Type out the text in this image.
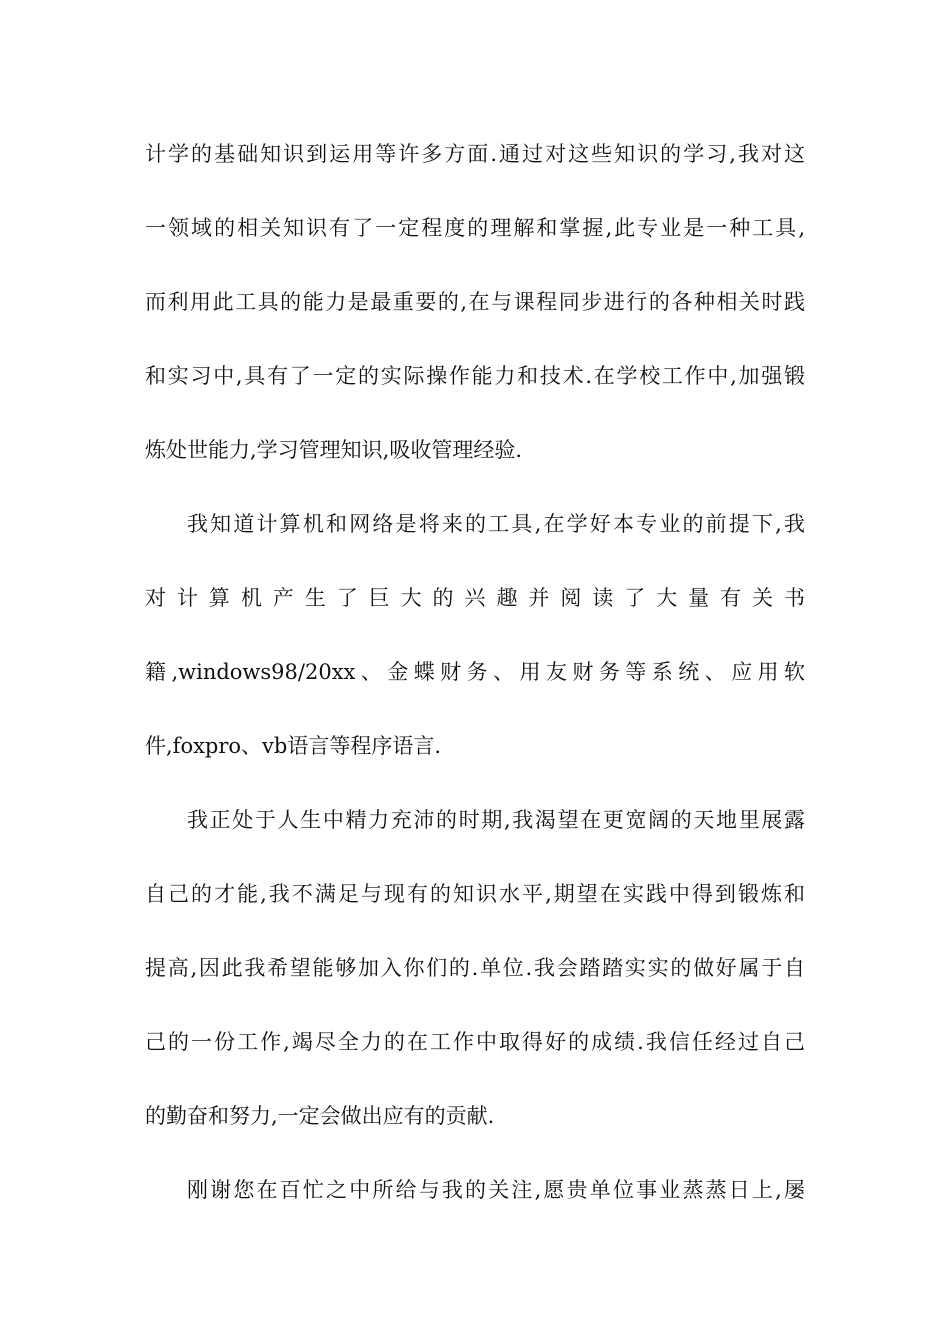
计学的基础知识到运用等许多方面.通过对这些知识的学习,我对这
一领域的相关知识有了一定程度的理解和掌握,此专业是一种工具,
而利用此工具的能力是最重要的,在与课程同步进行的各种相关时践
和实习中,具有了一定的实际操作能力和技术.在学校工作中,加强锻
炼处世能力,学习管理知识,吸收管理经验.
我知道计算机和网络是将来的工具,在学好本专业的前提下,我
对计算机产生了巨大的兴趣并阅读了大量有关书
籍,windows98/20xx、金蝶财务、用友财务等系统、应用软
件,foxpro、vb语言等程序语言.
我正处于人生中精力充沛的时期,我渴望在更宽阔的天地里展露
自己的才能,我不满足与现有的知识水平,期望在实践中得到锻炼和
提高,因此我希望能够加入你们的.单位.我会踏踏实实的做好属于自
己的一份工作,竭尽全力的在工作中取得好的成绩.我信任经过自己
的勤奋和努力,一定会做出应有的贡献.
刚谢您在百忙之中所给与我的关注,愿贵单位事业蒸蒸日上,屡
